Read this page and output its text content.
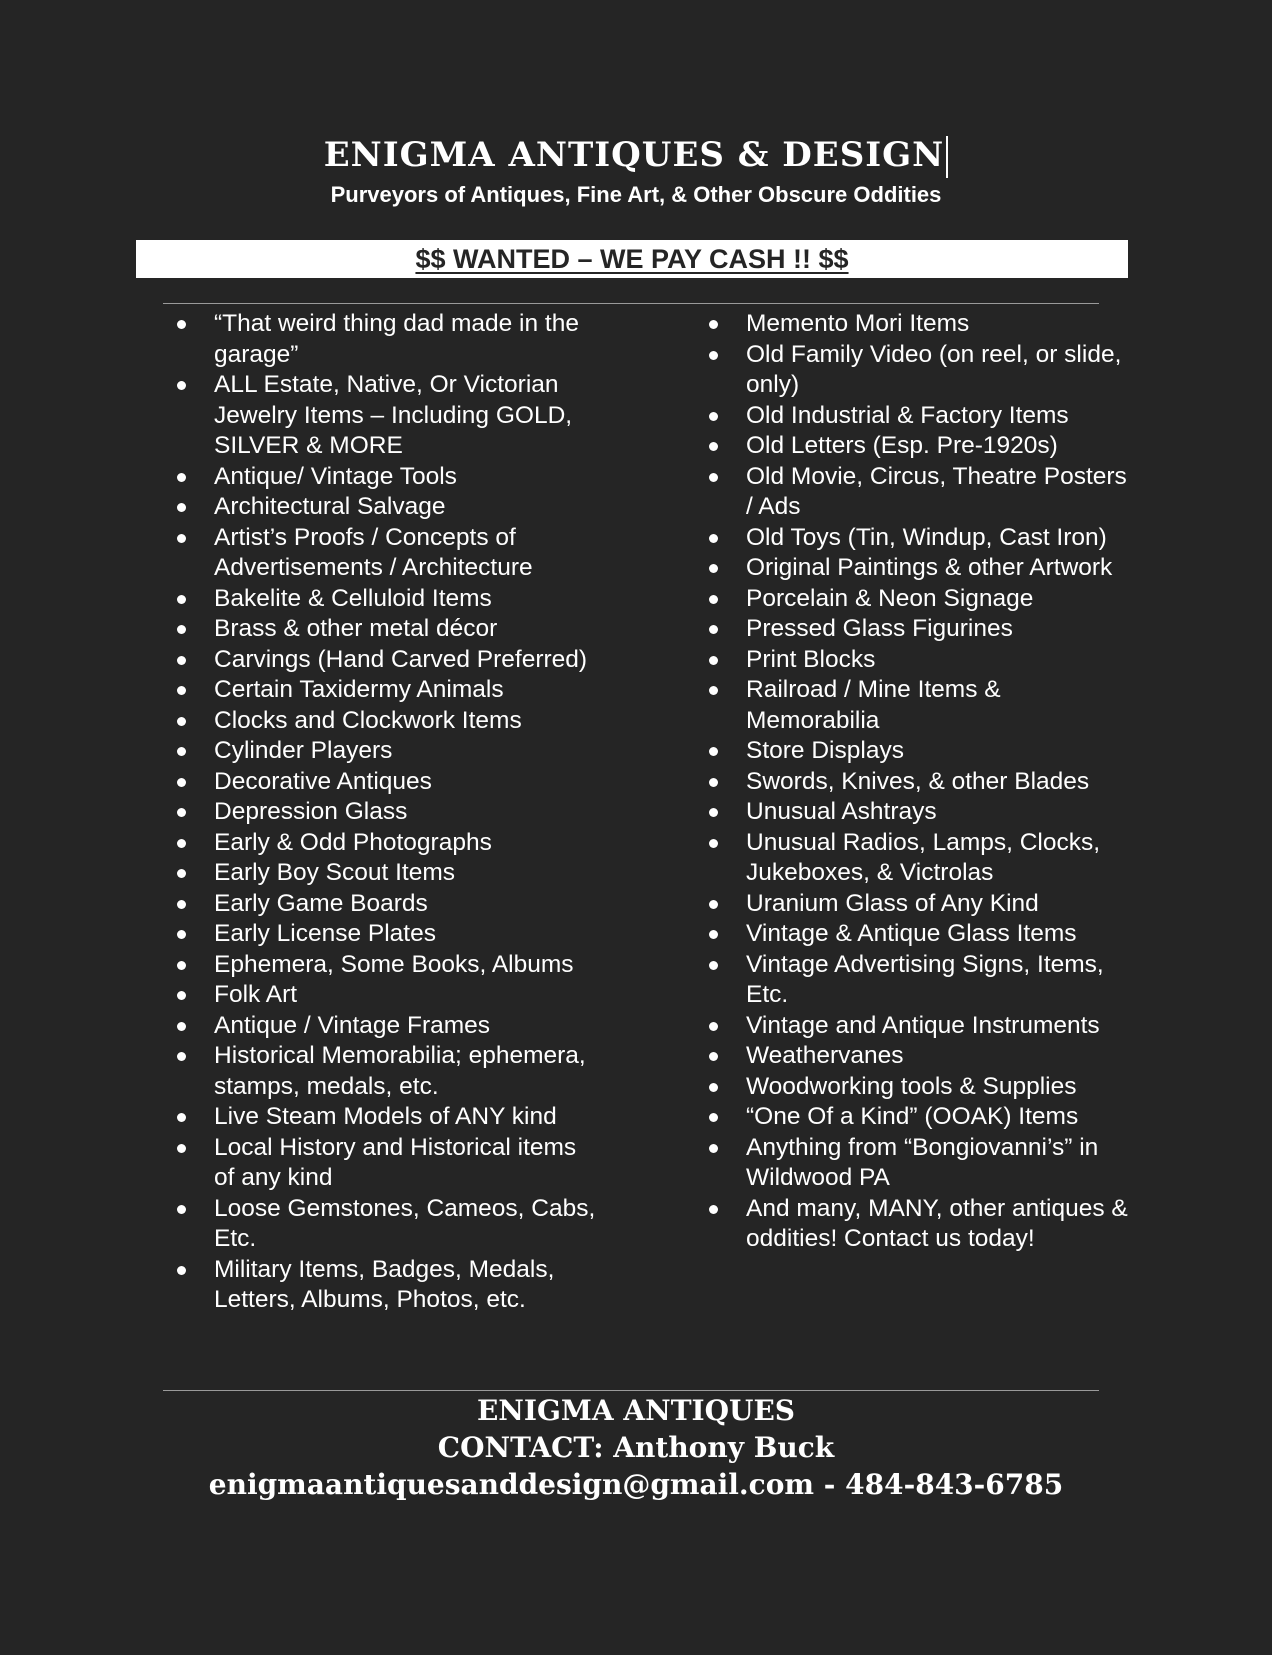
ENIGMA ANTIQUES & DESIGN
Purveyors of Antiques, Fine Art, & Other Obscure Oddities
$$ WANTED – WE PAY CASH !! $$
“That weird thing dad made in the garage”
ALL Estate, Native, Or Victorian Jewelry Items – Including GOLD, SILVER & MORE
Antique/ Vintage Tools
Architectural Salvage
Artist’s Proofs / Concepts of Advertisements / Architecture
Bakelite & Celluloid Items
Brass & other metal décor
Carvings (Hand Carved Preferred)
Certain Taxidermy Animals
Clocks and Clockwork Items
Cylinder Players
Decorative Antiques
Depression Glass
Early & Odd Photographs
Early Boy Scout Items
Early Game Boards
Early License Plates
Ephemera, Some Books, Albums
Folk Art
Antique / Vintage Frames
Historical Memorabilia; ephemera, stamps, medals, etc.
Live Steam Models of ANY kind
Local History and Historical items of any kind
Loose Gemstones, Cameos, Cabs, Etc.
Military Items, Badges, Medals, Letters, Albums, Photos, etc.
Memento Mori Items
Old Family Video (on reel, or slide, only)
Old Industrial & Factory Items
Old Letters (Esp. Pre-1920s)
Old Movie, Circus, Theatre Posters / Ads
Old Toys (Tin, Windup, Cast Iron)
Original Paintings & other Artwork
Porcelain & Neon Signage
Pressed Glass Figurines
Print Blocks
Railroad / Mine Items & Memorabilia
Store Displays
Swords, Knives, & other Blades
Unusual Ashtrays
Unusual Radios, Lamps, Clocks, Jukeboxes, & Victrolas
Uranium Glass of Any Kind
Vintage & Antique Glass Items
Vintage Advertising Signs, Items, Etc.
Vintage and Antique Instruments
Weathervanes
Woodworking tools & Supplies
“One Of a Kind” (OOAK) Items
Anything from “Bongiovanni’s” in Wildwood PA
And many, MANY, other antiques & oddities! Contact us today!
ENIGMA ANTIQUES
CONTACT: Anthony Buck
enigmaantiquesanddesign@gmail.com - 484-843-6785
